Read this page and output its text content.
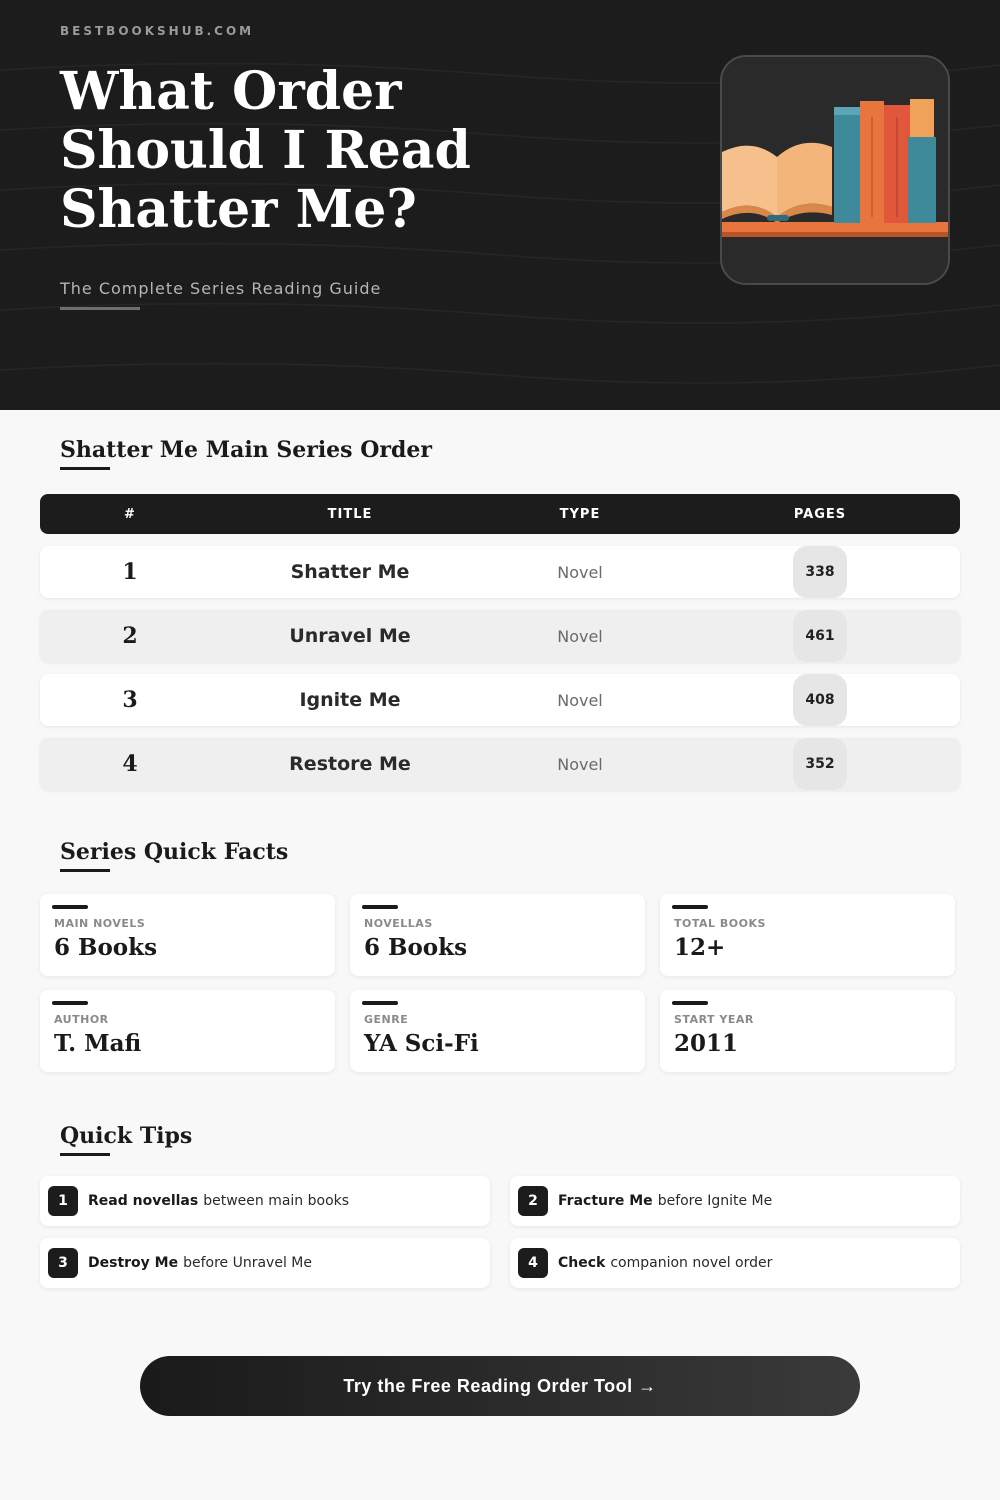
BESTBOOKSHUB.COM
What Order Should I Read Shatter Me?
The Complete Series Reading Guide
Shatter Me Main Series Order
#	TITLE	TYPE	PAGES
1	Shatter Me	Novel	338
2	Unravel Me	Novel	461
3	Ignite Me	Novel	408
4	Restore Me	Novel	352
Series Quick Facts
MAIN NOVELS
6 Books
NOVELLAS
6 Books
TOTAL BOOKS
12+
AUTHOR
T. Mafi
GENRE
YA Sci-Fi
START YEAR
2011
Quick Tips
1	Read novellas between main books	2	Fracture Me before Ignite Me
3	Destroy Me before Unravel Me	4	Check companion novel order
Try the Free Reading Order Tool →
